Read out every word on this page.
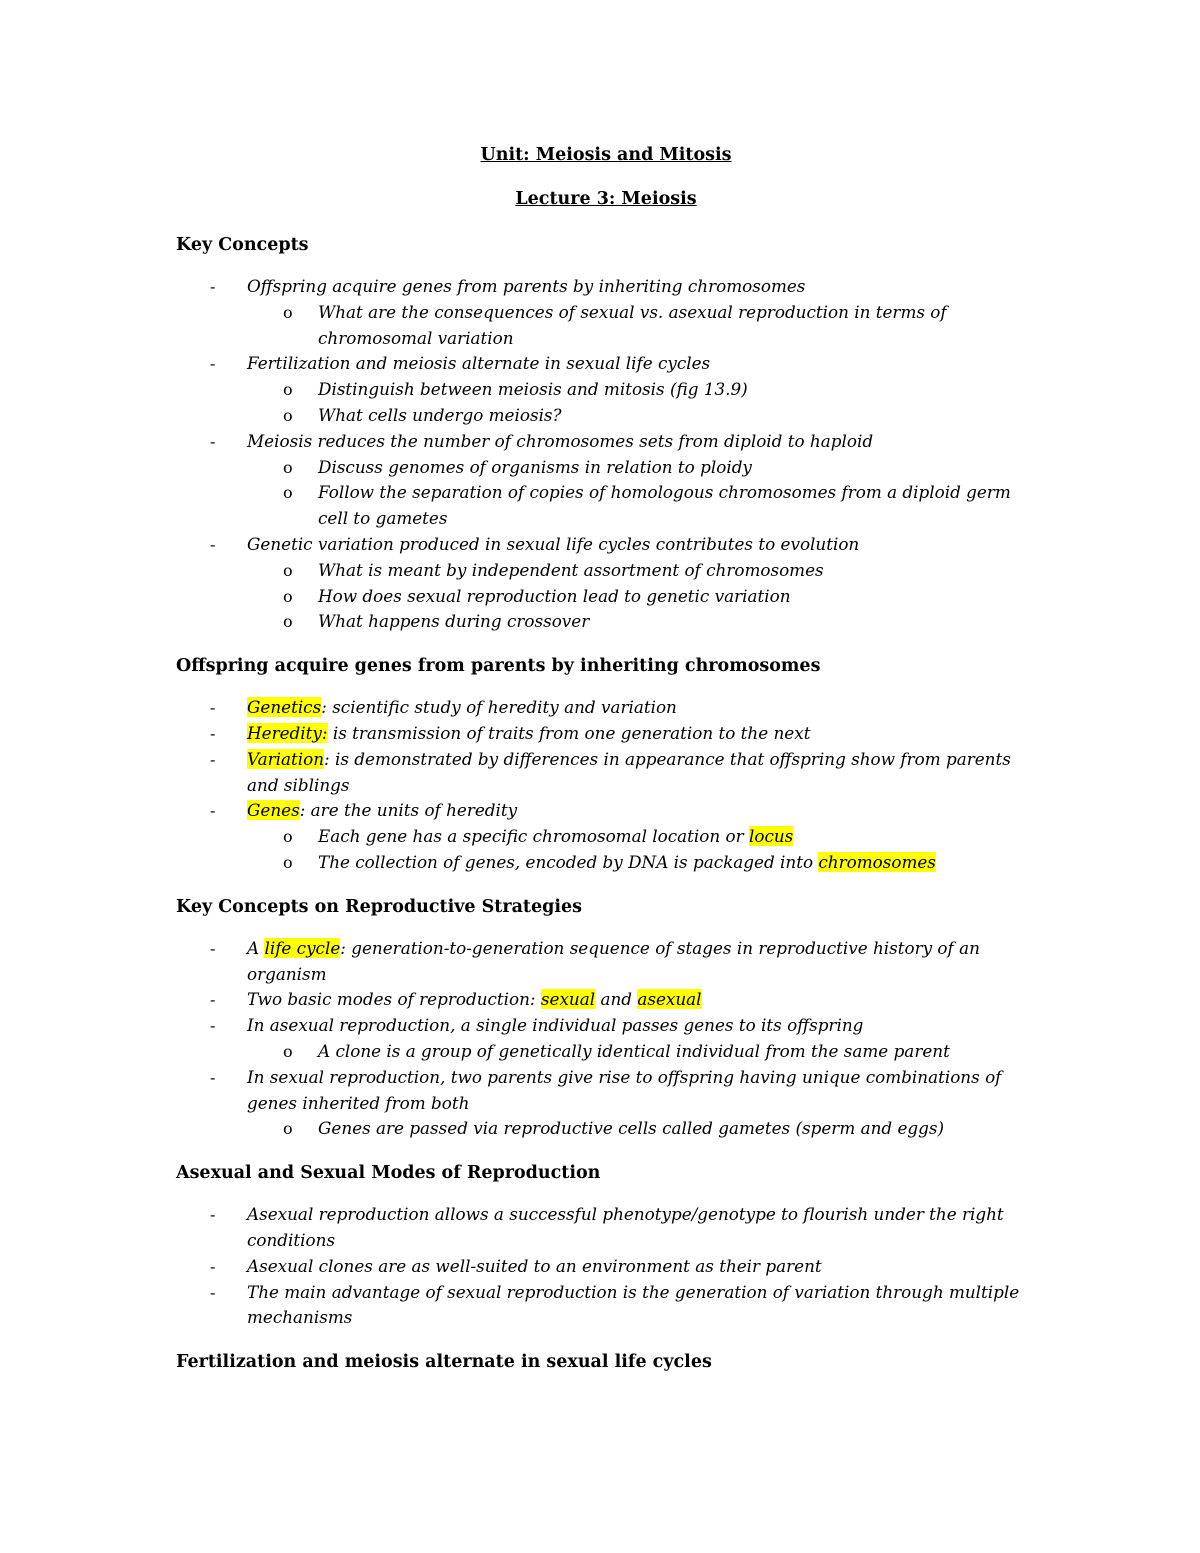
Unit: Meiosis and Mitosis

Lecture 3: Meiosis

Key Concepts

- Offspring acquire genes from parents by inheriting chromosomes
o What are the consequences of sexual vs. asexual reproduction in terms of chromosomal variation
- Fertilization and meiosis alternate in sexual life cycles
o Distinguish between meiosis and mitosis (fig 13.9)
o What cells undergo meiosis?
- Meiosis reduces the number of chromosomes sets from diploid to haploid
o Discuss genomes of organisms in relation to ploidy
o Follow the separation of copies of homologous chromosomes from a diploid germ cell to gametes
- Genetic variation produced in sexual life cycles contributes to evolution
o What is meant by independent assortment of chromosomes
o How does sexual reproduction lead to genetic variation
o What happens during crossover

Offspring acquire genes from parents by inheriting chromosomes

- Genetics: scientific study of heredity and variation
- Heredity: is transmission of traits from one generation to the next
- Variation: is demonstrated by differences in appearance that offspring show from parents and siblings
- Genes: are the units of heredity
o Each gene has a specific chromosomal location or locus
o The collection of genes, encoded by DNA is packaged into chromosomes

Key Concepts on Reproductive Strategies

- A life cycle: generation-to-generation sequence of stages in reproductive history of an organism
- Two basic modes of reproduction: sexual and asexual
- In asexual reproduction, a single individual passes genes to its offspring
o A clone is a group of genetically identical individual from the same parent
- In sexual reproduction, two parents give rise to offspring having unique combinations of genes inherited from both
o Genes are passed via reproductive cells called gametes (sperm and eggs)

Asexual and Sexual Modes of Reproduction

- Asexual reproduction allows a successful phenotype/genotype to flourish under the right conditions
- Asexual clones are as well-suited to an environment as their parent
- The main advantage of sexual reproduction is the generation of variation through multiple mechanisms

Fertilization and meiosis alternate in sexual life cycles
